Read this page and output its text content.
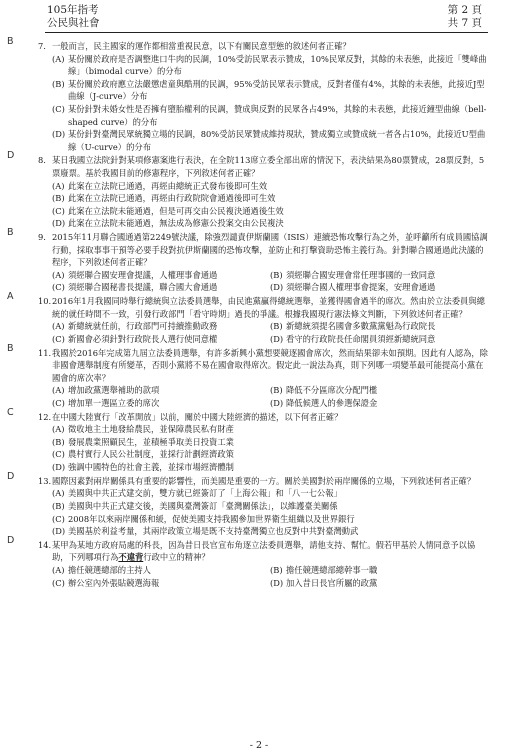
105年指考
公民與社會
第 2 頁
共 7 頁
B	7. 一般而言，民主國家的運作都相當重視民意，以下有關民意型態的敘述何者正確？
(A) 某份關於政府是否調整進口牛肉的民調，10%受訪民眾表示贊成，10%民眾反對，其餘的未表態，此接近「雙峰曲線」（bimodal curve）的分布
(B) 某份關於政府應立法嚴懲虐童與酷刑的民調，95%受訪民眾表示贊成，反對者僅有4%，其餘的未表態，此接近J型曲線（J-curve）分布
(C) 某份針對未婚女性是否擁有墮胎權利的民調，贊成與反對的民眾各占49%，其餘的未表態，此接近鐘型曲線（bell-shaped curve）的分布
(D) 某份針對臺灣民眾統獨立場的民調，80%受訪民眾贊成維持現狀，贊成獨立或贊成統一者各占10%，此接近U型曲線（U-curve）的分布
D	8. 某日我國立法院針對某項修憲案進行表決，在全院113席立委全部出席的情況下，表決結果為80票贊成，28票反對，5票廢票。基於我國目前的修憲程序，下列敘述何者正確？
(A) 此案在立法院已通過，再經由總統正式發布後即可生效
(B) 此案在立法院已通過，再經由行政院院會通過後即可生效
(C) 此案在立法院未能通過，但是可再交由公民複決通過後生效
(D) 此案在立法院未能通過，無法成為修憲公投案交由公民複決
B	9. 2015年11月聯合國通過第2249號決議，除強烈譴責伊斯蘭國（ISIS）連續恐怖攻擊行為之外，並呼籲所有成員國協調行動，採取事事干預等必要手段對抗伊斯蘭國的恐怖攻擊，並防止和打擊資助恐怖主義行為。針對聯合國通過此決議的程序，下列敘述何者正確？
(A) 須經聯合國安理會提議，人權理事會通過	(B) 須經聯合國安理會常任理事國的一致同意
(C) 須經聯合國秘書長提議，聯合國大會通過	(D) 須經聯合國人權理事會提案，安理會通過
A	10. 2016年1月我國同時舉行總統與立法委員選舉，由民進黨贏得總統選舉，並獲得國會過半的席次。然由於立法委員與總統的就任時間不一致，引發行政部門「看守時期」過長的爭議。根據我國現行憲法條文判斷，下列敘述何者正確？
(A) 新總統就任前，行政部門可持續推動政務	(B) 新總統須提名國會多數黨黨魁為行政院長
(C) 新國會必須針對行政院長人選行使同意權	(D) 看守的行政院長任命閣員須經新總統同意
B	11. 我國於2016年完成第九屆立法委員選舉，有許多新興小黨想要競逐國會席次，然而結果卻未如預期。因此有人認為，除非國會選舉制度有所變革，否則小黨將不易在國會取得席次。假定此一說法為真，則下列哪一項變革最可能提高小黨在國會的席次率？
(A) 增加政黨選舉補助的款項	(B) 降低不分區席次分配門檻
(C) 增加單一選區立委的席次	(D) 降低候選人的參選保證金
C	12. 在中國大陸實行「改革開放」以前，關於中國大陸經濟的描述，以下何者正確？
(A) 徵收地主土地發給農民，並保障農民私有財產
(B) 發展農業照顧民生，並積極爭取美日投資工業
(C) 農村實行人民公社制度，並採行計劃經濟政策
(D) 強調中國特色的社會主義，並採市場經濟體制
D	13. 國際因素對兩岸關係具有重要的影響性，而美國是重要的一方。關於美國對於兩岸關係的立場，下列敘述何者正確？
(A) 美國與中共正式建交前，雙方就已經簽訂了「上海公報」和「八一七公報」
(B) 美國與中共正式建交後，美國與臺灣簽訂「臺灣關係法」，以維護臺美關係
(C) 2008年以來兩岸關係和緩，促使美國支持我國參加世界衛生組織以及世界銀行
(D) 美國基於利益考量，其兩岸政策立場是既不支持臺灣獨立也反對中共對臺灣動武
D	14. 某甲為某地方政府局處的科長，因為昔日長官宣布角逐立法委員選舉，請他支持、幫忙。假若甲基於人情同意予以協助，下列哪項行為不違背行政中立的精神？
(A) 擔任競選總部的主持人	(B) 擔任競選總部總幹事一職
(C) 辦公室內外張貼競選海報	(D) 加入昔日長官所屬的政黨
- 2 -
